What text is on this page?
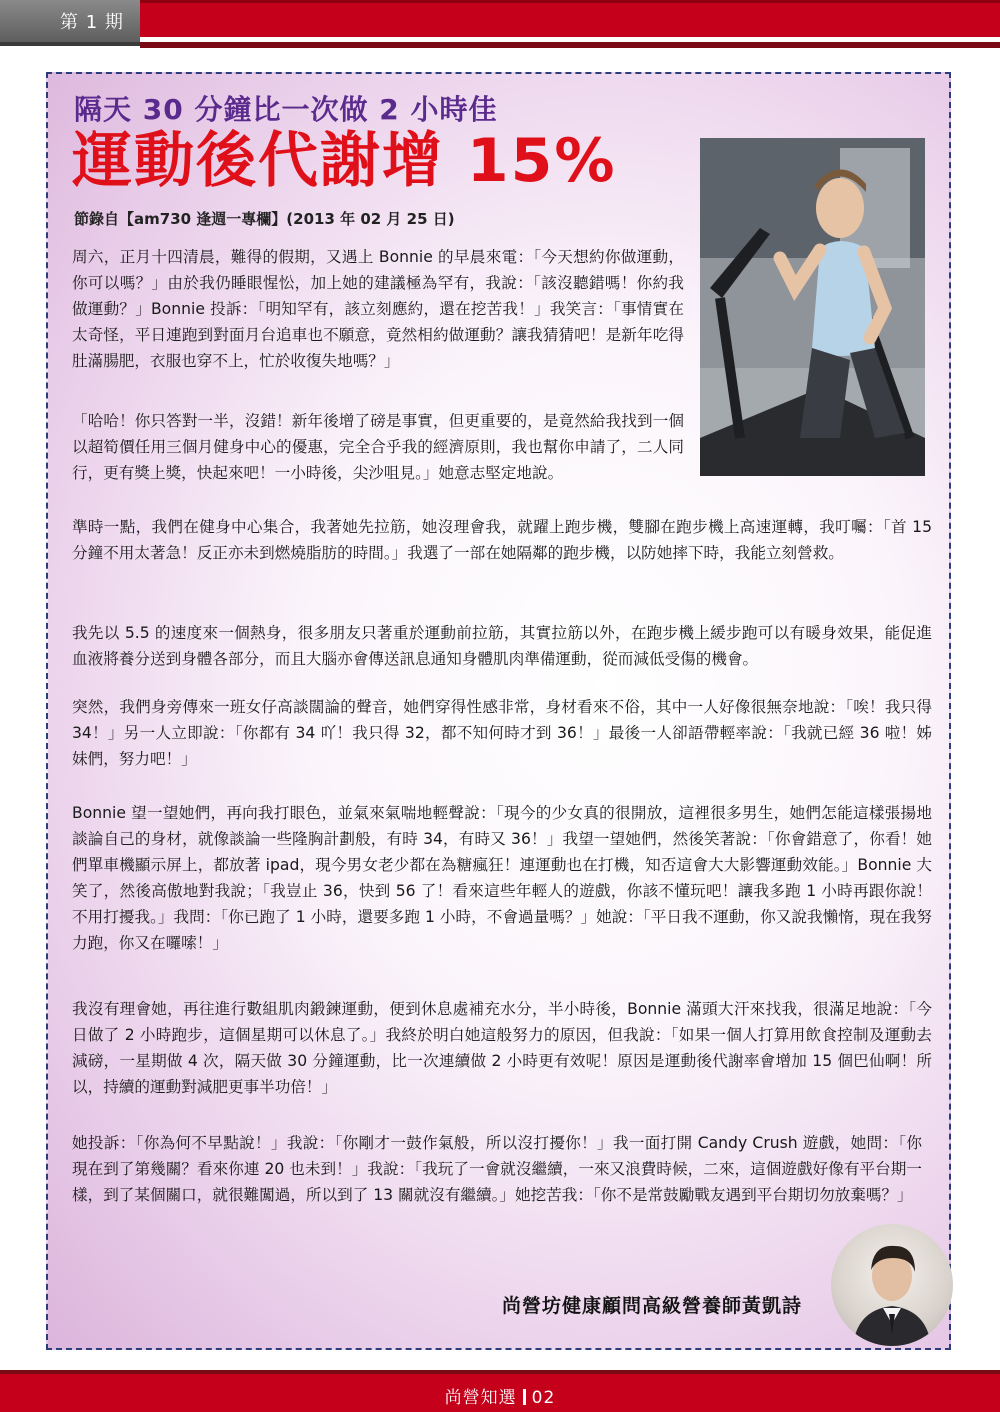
第 1 期
隔天 30 分鐘比一次做 2 小時佳
運動後代謝增 15%
節錄自【am730 逢週一專欄】(2013 年 02 月 25 日)

周六，正月十四清晨，難得的假期，又遇上 Bonnie 的早晨來電：「今天想約你做運動，你可以嗎？」由於我仍睡眼惺忪，加上她的建議極為罕有，我說：「該沒聽錯嗎！你約我做運動？」Bonnie 投訴：「明知罕有，該立刻應約，還在挖苦我！」我笑言：「事情實在太奇怪，平日連跑到對面月台追車也不願意，竟然相約做運動？讓我猜猜吧！是新年吃得肚滿腸肥，衣服也穿不上，忙於收復失地嗎？」

「哈哈！你只答對一半，沒錯！新年後增了磅是事實，但更重要的，是竟然給我找到一個以超筍價任用三個月健身中心的優惠，完全合乎我的經濟原則，我也幫你申請了，二人同行，更有獎上獎，快起來吧！一小時後，尖沙咀見。」她意志堅定地說。

準時一點，我們在健身中心集合，我著她先拉筋，她沒理會我，就躍上跑步機，雙腳在跑步機上高速運轉，我叮囑：「首 15 分鐘不用太著急！反正亦未到燃燒脂肪的時間。」我選了一部在她隔鄰的跑步機，以防她摔下時，我能立刻營救。

我先以 5.5 的速度來一個熱身，很多朋友只著重於運動前拉筋，其實拉筋以外，在跑步機上緩步跑可以有暖身效果，能促進血液將養分送到身體各部分，而且大腦亦會傳送訊息通知身體肌肉準備運動，從而減低受傷的機會。

突然，我們身旁傳來一班女仔高談闊論的聲音，她們穿得性感非常，身材看來不俗，其中一人好像很無奈地說：「唉！我只得 34！」另一人立即說：「你都有 34 吖！我只得 32，都不知何時才到 36！」最後一人卻語帶輕率說：「我就已經 36 啦！姊妹們，努力吧！」

Bonnie 望一望她們，再向我打眼色，並氣來氣喘地輕聲說：「現今的少女真的很開放，這裡很多男生，她們怎能這樣張揚地談論自己的身材，就像談論一些隆胸計劃般，有時 34，有時又 36！」我望一望她們，然後笑著說：「你會錯意了，你看！她們單車機顯示屏上，都放著 ipad，現今男女老少都在為糖瘋狂！連運動也在打機，知否這會大大影響運動效能。」Bonnie 大笑了，然後高傲地對我說；「我豈止 36，快到 56 了！看來這些年輕人的遊戲，你該不懂玩吧！讓我多跑 1 小時再跟你說！不用打擾我。」我問：「你已跑了 1 小時，還要多跑 1 小時，不會過量嗎？」她說：「平日我不運動，你又說我懶惰，現在我努力跑，你又在囉嗦！」

我沒有理會她，再往進行數組肌肉鍛鍊運動，便到休息處補充水分，半小時後，Bonnie 滿頭大汗來找我，很滿足地說：「今日做了 2 小時跑步，這個星期可以休息了。」我終於明白她這般努力的原因，但我說：「如果一個人打算用飲食控制及運動去減磅，一星期做 4 次，隔天做 30 分鐘運動，比一次連續做 2 小時更有效呢！原因是運動後代謝率會增加 15 個巴仙啊！所以，持續的運動對減肥更事半功倍！」

她投訴：「你為何不早點說！」我說：「你剛才一鼓作氣般，所以沒打擾你！」我一面打開 Candy Crush 遊戲，她問：「你現在到了第幾關？看來你連 20 也未到！」我說：「我玩了一會就沒繼續，一來又浪費時候，二來，這個遊戲好像有平台期一樣，到了某個關口，就很難闖過，所以到了 13 關就沒有繼續。」她挖苦我：「你不是常鼓勵戰友遇到平台期切勿放棄嗎？」

尚營坊健康顧問高級營養師黃凱詩
尚營知選 02
